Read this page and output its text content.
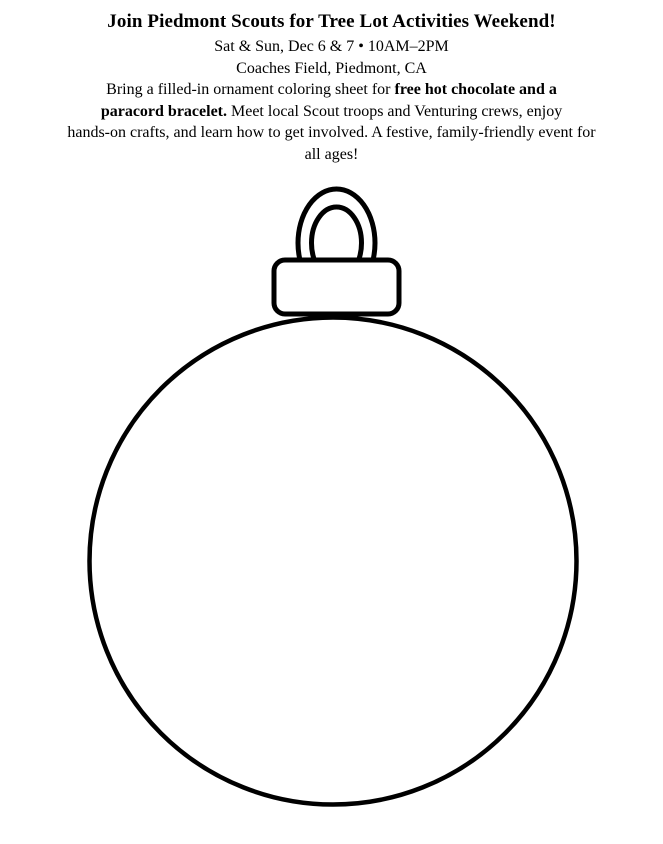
Join Piedmont Scouts for Tree Lot Activities Weekend!

Sat & Sun, Dec 6 & 7 • 10AM–2PM

Coaches Field, Piedmont, CA

Bring a filled-in ornament coloring sheet for free hot chocolate and a
paracord bracelet. Meet local Scout troops and Venturing crews, enjoy
hands-on crafts, and learn how to get involved. A festive, family-friendly event for
all ages!
